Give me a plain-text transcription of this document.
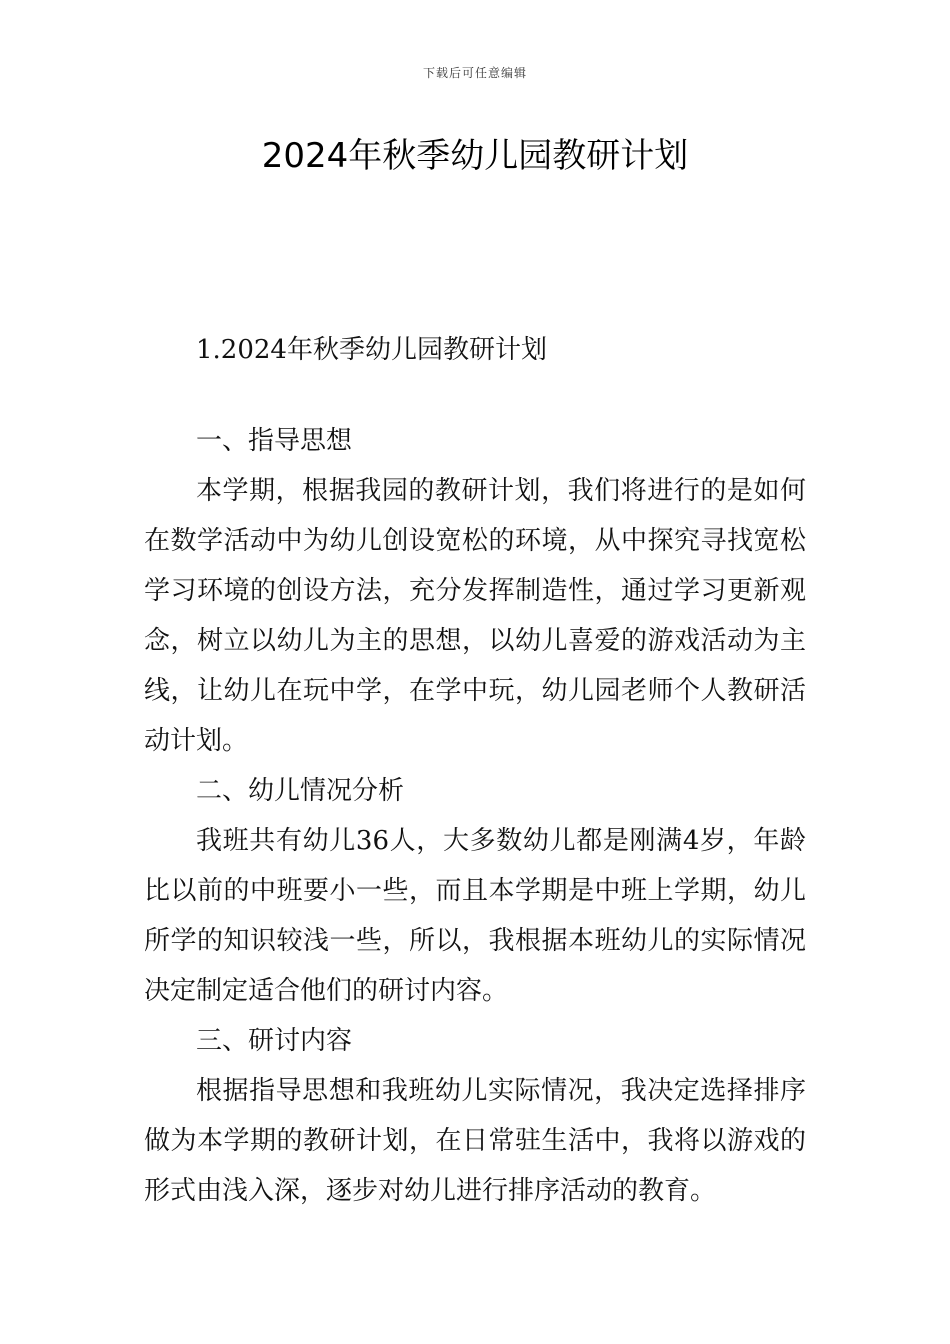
下载后可任意编辑
2024年秋季幼儿园教研计划

1.2024年秋季幼儿园教研计划

一、指导思想

本学期，根据我园的教研计划，我们将进行的是如何在数学活动中为幼儿创设宽松的环境，从中探究寻找宽松学习环境的创设方法，充分发挥制造性，通过学习更新观念，树立以幼儿为主的思想，以幼儿喜爱的游戏活动为主线，让幼儿在玩中学，在学中玩，幼儿园老师个人教研活动计划。

二、幼儿情况分析

我班共有幼儿36人，大多数幼儿都是刚满4岁，年龄比以前的中班要小一些，而且本学期是中班上学期，幼儿所学的知识较浅一些，所以，我根据本班幼儿的实际情况决定制定适合他们的研讨内容。

三、研讨内容

根据指导思想和我班幼儿实际情况，我决定选择排序做为本学期的教研计划，在日常驻生活中，我将以游戏的形式由浅入深，逐步对幼儿进行排序活动的教育。
